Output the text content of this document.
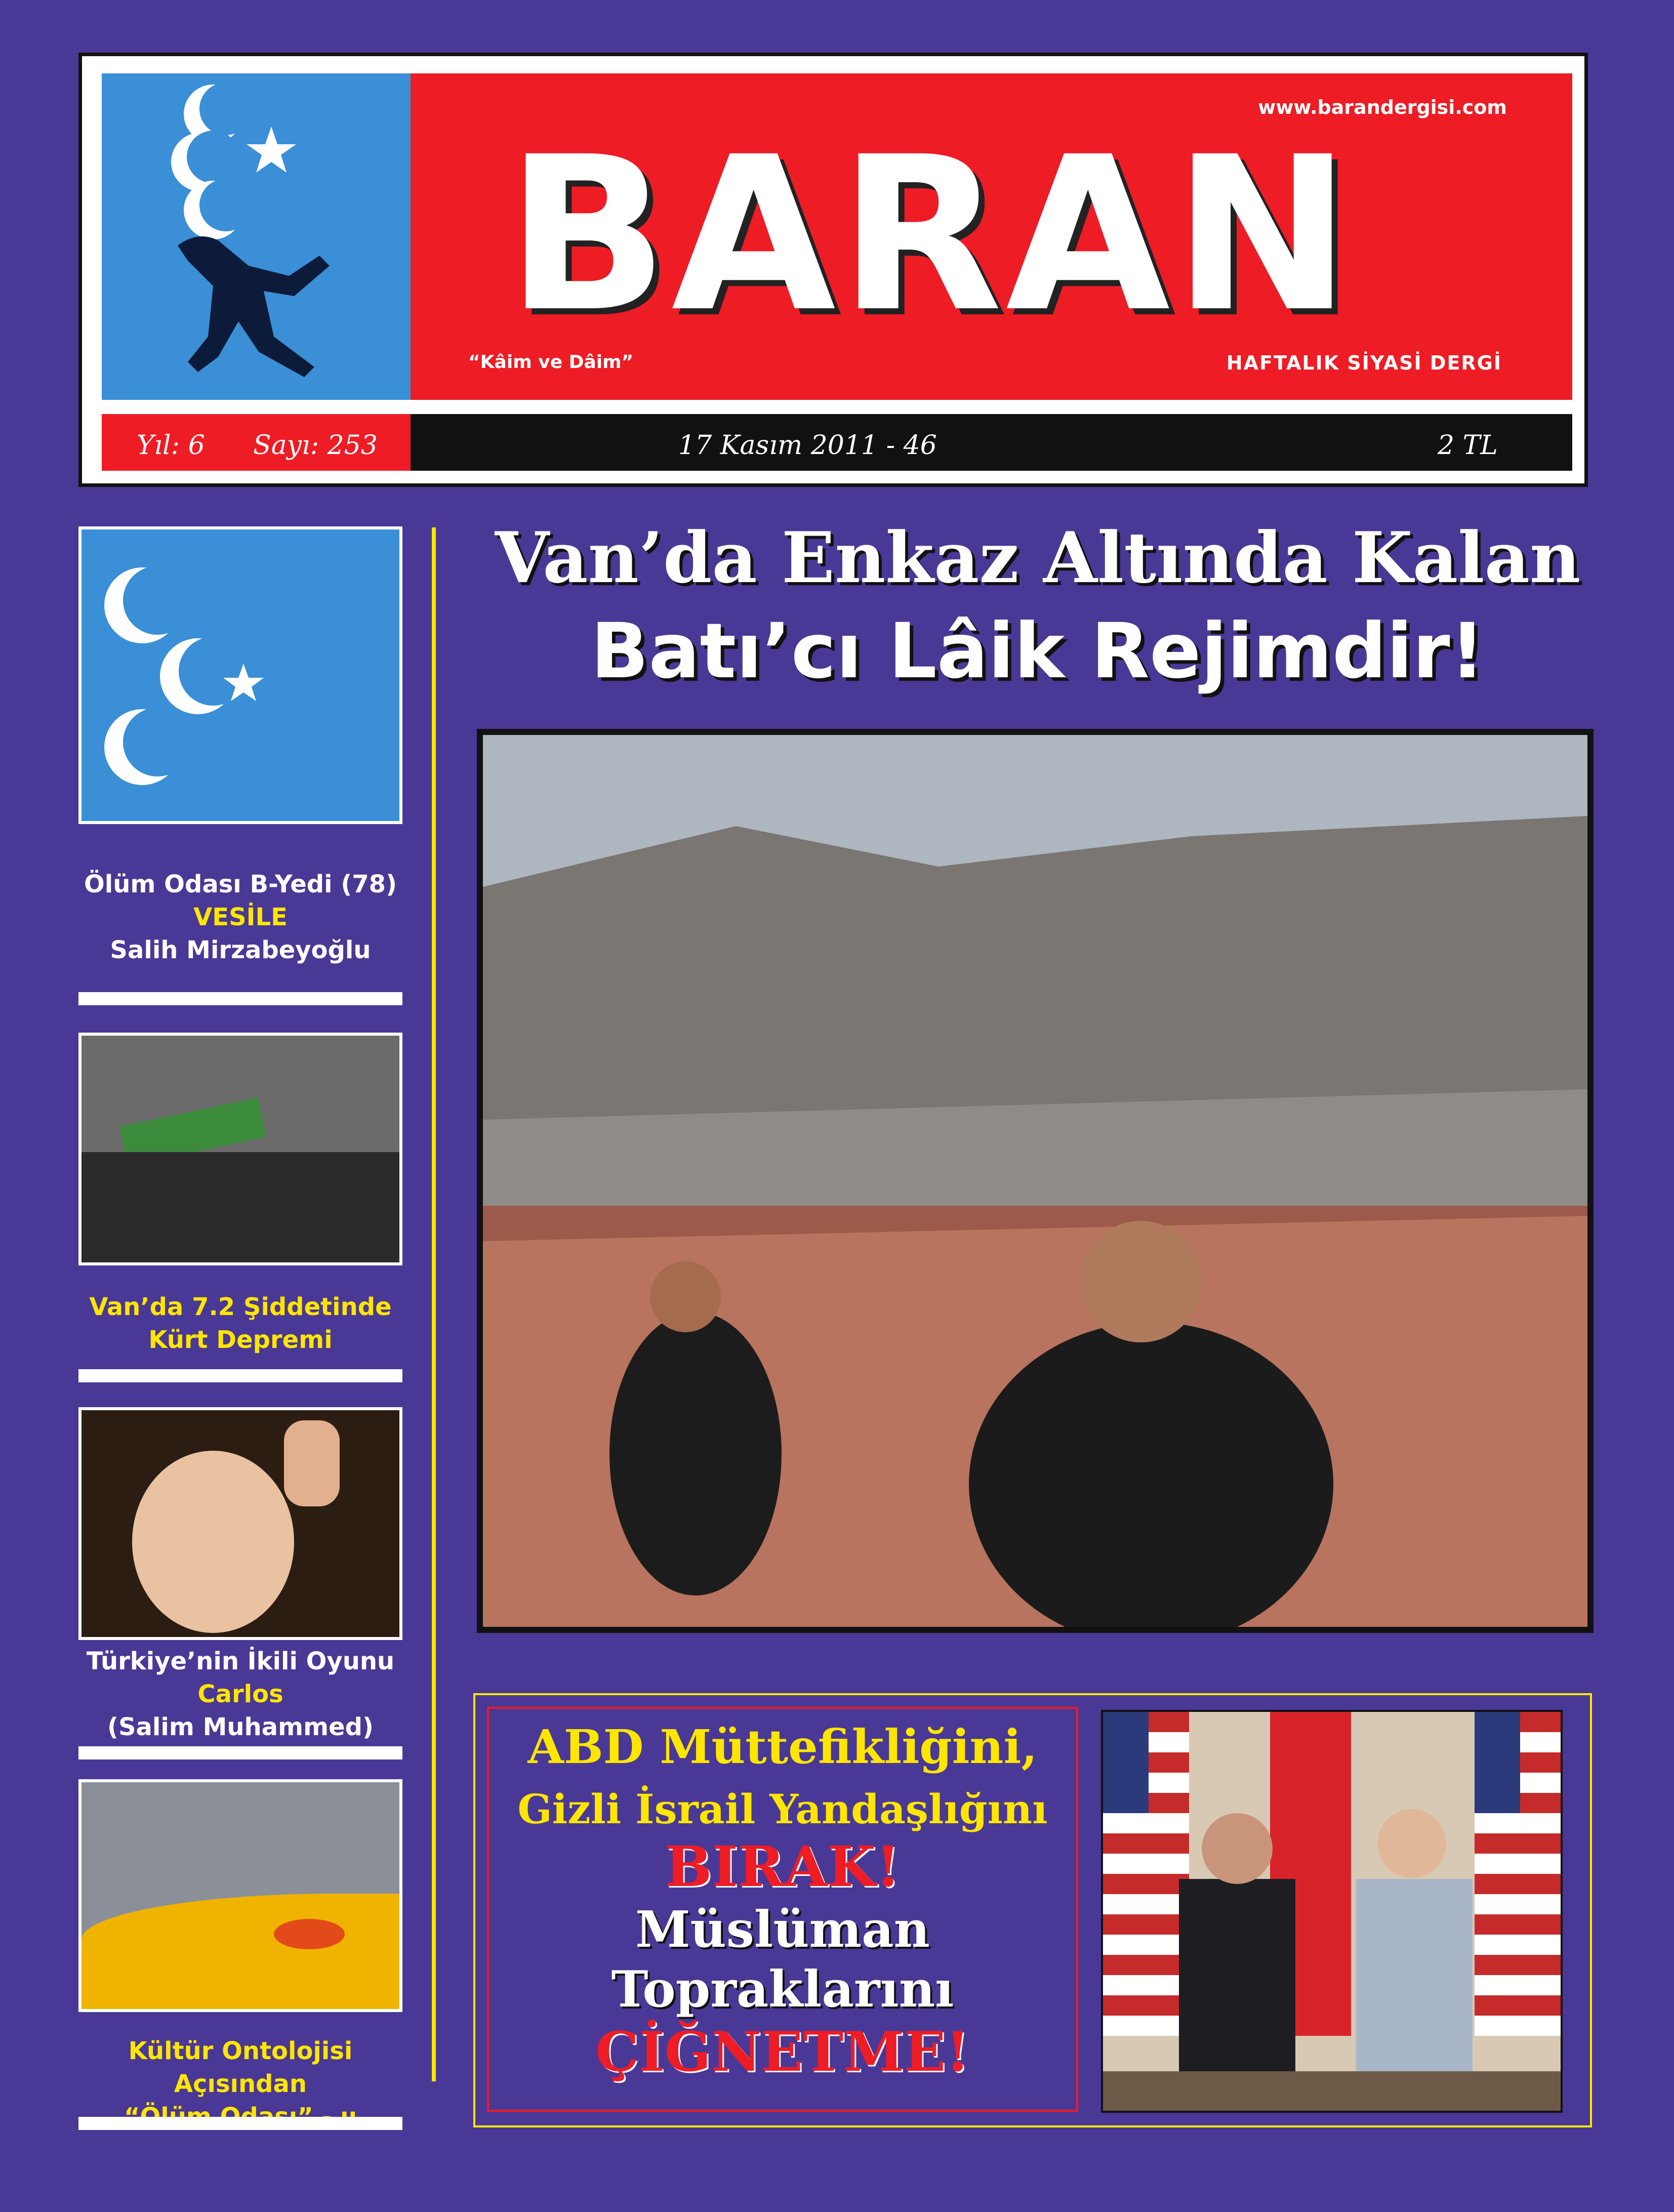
BARAN
www.barandergisi.com
“Kâim ve Dâim”	HAFTALIK SİYASİ DERGİ
Yıl: 6 Sayı: 253	17 Kasım 2011 - 46	2 TL
Ölüm Odası B-Yedi (78)
VESİLE
Salih Mirzabeyoğlu
Van’da 7.2 Şiddetinde
Kürt Depremi
Türkiye’nin İkili Oyunu
Carlos
(Salim Muhammed)
Kültür Ontolojisi Açısından
Van’da Enkaz Altında Kalan
Batı’cı Lâik Rejimdir!
ABD Müttefikliğini,
Gizli İsrail Yandaşlığını
BIRAK!
Müslüman
Topraklarını
ÇİĞNETME!
